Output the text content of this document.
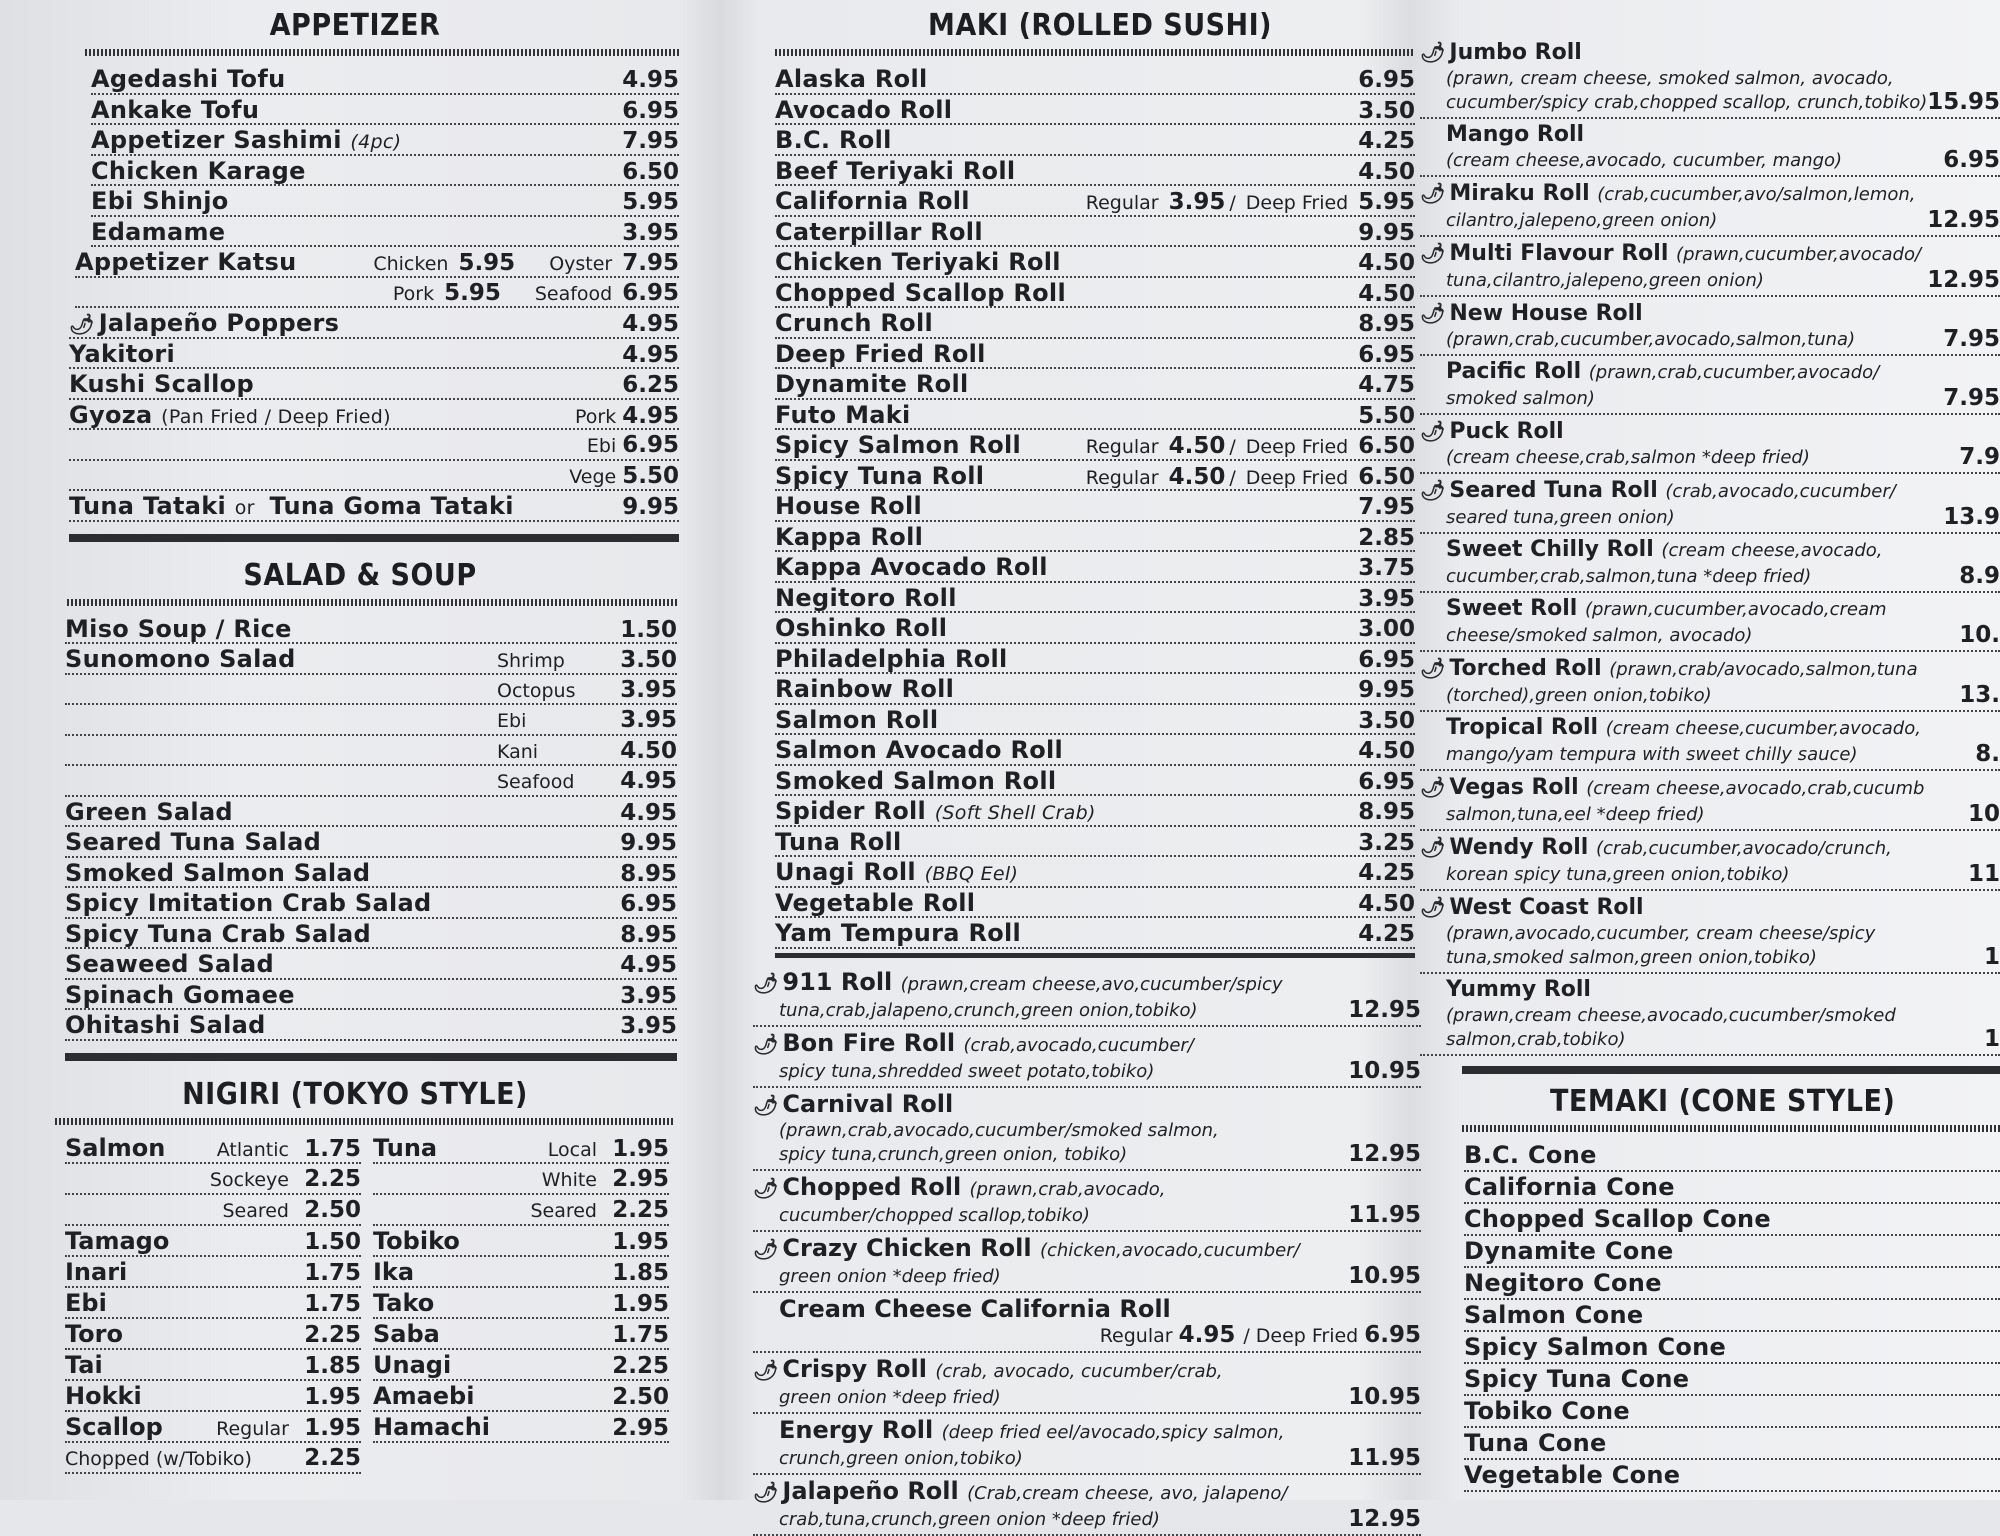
APPETIZER
Agedashi Tofu	4.95
Ankake Tofu	6.95
Appetizer Sashimi (4pc)	7.95
Chicken Karage	6.50
Ebi Shinjo	5.95
Edamame	3.95
Appetizer Katsu	Chicken 5.95 Oyster 7.95
Pork 5.95 Seafood 6.95
🌶︎ Jalapeño Poppers	4.95
Yakitori	4.95
Kushi Scallop	6.25
Gyoza (Pan Fried / Deep Fried)	Pork 4.95
Ebi 6.95
Vege 5.50
Tuna Tataki or Tuna Goma Tataki	9.95
SALAD & SOUP
Miso Soup / Rice	1.50
Sunomono Salad	Shrimp	3.50
Octopus	3.95
Ebi	3.95
Kani	4.50
Seafood	4.95
Green Salad	4.95
Seared Tuna Salad	9.95
Smoked Salmon Salad	8.95
Spicy Imitation Crab Salad	6.95
Spicy Tuna Crab Salad	8.95
Seaweed Salad	4.95
Spinach Gomaee	3.95
Ohitashi Salad	3.95
NIGIRI (TOKYO STYLE)
Salmon	Atlantic 1.75
Sockeye 2.25
Seared 2.50
Tamago	1.50
Inari	1.75
Ebi	1.75
Toro	2.25
Tai	1.85
Hokki	1.95
Scallop	Regular 1.95
Chopped (w/Tobiko) 2.25
Tuna	Local 1.95
White 2.95
Seared 2.25
Tobiko	1.95
Ika	1.85
Tako	1.95
Saba	1.75
Unagi	2.25
Amaebi	2.50
Hamachi	2.95
MAKI (ROLLED SUSHI)
Alaska Roll	6.95
Avocado Roll	3.50
B.C. Roll	4.25
Beef Teriyaki Roll	4.50
California Roll	Regular 3.95 / Deep Fried 5.95
Caterpillar Roll	9.95
Chicken Teriyaki Roll	4.50
Chopped Scallop Roll	4.50
Crunch Roll	8.95
Deep Fried Roll	6.95
Dynamite Roll	4.75
Futo Maki	5.50
Spicy Salmon Roll	Regular 4.50 / Deep Fried 6.50
Spicy Tuna Roll	Regular 4.50 / Deep Fried 6.50
House Roll	7.95
Kappa Roll	2.85
Kappa Avocado Roll	3.75
Negitoro Roll	3.95
Oshinko Roll	3.00
Philadelphia Roll	6.95
Rainbow Roll	9.95
Salmon Roll	3.50
Salmon Avocado Roll	4.50
Smoked Salmon Roll	6.95
Spider Roll (Soft Shell Crab)	8.95
Tuna Roll	3.25
Unagi Roll (BBQ Eel)	4.25
Vegetable Roll	4.50
Yam Tempura Roll	4.25
🌶︎ 911 Roll (prawn,cream cheese,avo,cucumber/spicy
tuna,crab,jalapeno,crunch,green onion,tobiko)	12.95
🌶︎ Bon Fire Roll (crab,avocado,cucumber/
spicy tuna,shredded sweet potato,tobiko)	10.95
🌶︎ Carnival Roll
(prawn,crab,avocado,cucumber/smoked salmon,
spicy tuna,crunch,green onion, tobiko)	12.95
🌶︎ Chopped Roll (prawn,crab,avocado,
cucumber/chopped scallop,tobiko)	11.95
🌶︎ Crazy Chicken Roll (chicken,avocado,cucumber/
green onion *deep fried)	10.95
Cream Cheese California Roll
Regular 4.95 / Deep Fried 6.95
🌶︎ Crispy Roll (crab, avocado, cucumber/crab,
green onion *deep fried)	10.95
Energy Roll (deep fried eel/avocado,spicy salmon,
crunch,green onion,tobiko)	11.95
🌶︎ Jalapeño Roll (Crab,cream cheese, avo, jalapeno/
crab,tuna,crunch,green onion *deep fried)	12.95
🌶︎ Jumbo Roll
(prawn, cream cheese, smoked salmon, avocado,
cucumber/spicy crab,chopped scallop, crunch,tobiko) 15.95
Mango Roll
(cream cheese,avocado, cucumber, mango)	6.95
🌶︎ Miraku Roll (crab,cucumber,avo/salmon,lemon,
cilantro,jalepeno,green onion)	12.95
🌶︎ Multi Flavour Roll (prawn,cucumber,avocado/
tuna,cilantro,jalepeno,green onion)	12.95
🌶︎ New House Roll
(prawn,crab,cucumber,avocado,salmon,tuna)	7.95
Pacific Roll (prawn,crab,cucumber,avocado/
smoked salmon)	7.95
🌶︎ Puck Roll
(cream cheese,crab,salmon *deep fried)	7.9
🌶︎ Seared Tuna Roll (crab,avocado,cucumber/
seared tuna,green onion)	13.9
Sweet Chilly Roll (cream cheese,avocado,
cucumber,crab,salmon,tuna *deep fried)	8.9
Sweet Roll (prawn,cucumber,avocado,cream
cheese/smoked salmon, avocado)	10.
🌶︎ Torched Roll (prawn,crab/avocado,salmon,tuna
(torched),green onion,tobiko)	13.
Tropical Roll (cream cheese,cucumber,avocado,
mango/yam tempura with sweet chilly sauce)	8.
🌶︎ Vegas Roll (cream cheese,avocado,crab,cucumb
salmon,tuna,eel *deep fried)	10
🌶︎ Wendy Roll (crab,cucumber,avocado/crunch,
korean spicy tuna,green onion,tobiko)	11
🌶︎ West Coast Roll
(prawn,avocado,cucumber, cream cheese/spicy
tuna,smoked salmon,green onion,tobiko)	1
Yummy Roll
(prawn,cream cheese,avocado,cucumber/smoked
salmon,crab,tobiko)	1
TEMAKI (CONE STYLE)
B.C. Cone
California Cone
Chopped Scallop Cone
Dynamite Cone
Negitoro Cone
Salmon Cone
Spicy Salmon Cone
Spicy Tuna Cone
Tobiko Cone
Tuna Cone
Vegetable Cone
